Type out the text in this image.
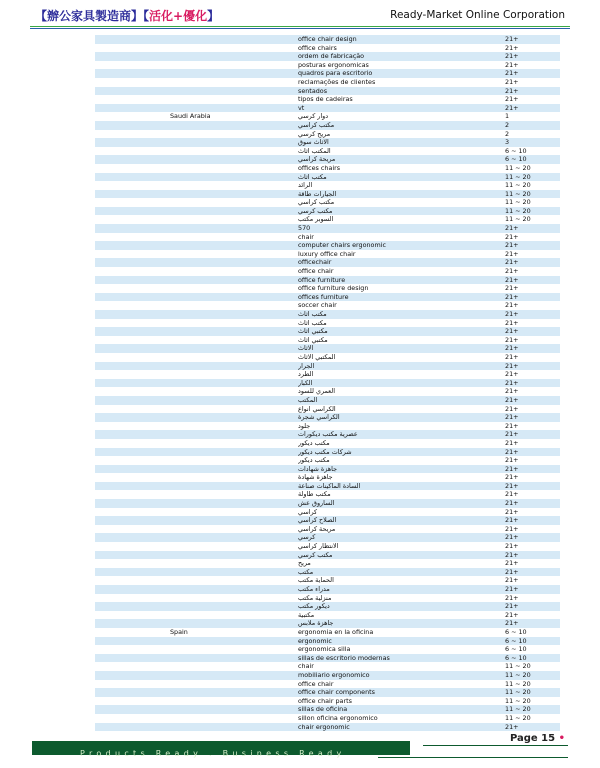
【辦公家具製造商】【活化+優化】	Ready-Market Online Corporation
office chair design	21+
office chairs	21+
ordem de fabricação	21+
posturas ergonomicas	21+
quadros para escritorio	21+
reclamações de clientes	21+
sentados	21+
tipos de cadeiras	21+
vt	21+
Saudi Arabia	دوار كرسي	1
مكتب كراسي	2
مريح كرسي	2
الاثاث سوق	3
المكتب اثاث	6 ~ 10
مريحة كراسي	6 ~ 10
offices chairs	11 ~ 20
مكتب اثاث	11 ~ 20
الرائد	11 ~ 20
الجيارات طاقة	11 ~ 20
مكتب كراسي	11 ~ 20
مكتب كرسي	11 ~ 20
السوبر مكتب	11 ~ 20
570	21+
chair	21+
computer chairs ergonomic	21+
luxury office chair	21+
officechair	21+
office chair	21+
office furniture	21+
office furniture design	21+
offices furniture	21+
soccer chair	21+
مكتب اثاث	21+
مكتب اثاث	21+
مكتبي اثاث	21+
مكتبي اثاث	21+
الاثاث	21+
المكتبي الاثاث	21+
الجرار	21+
الطرد	21+
الكبار	21+
العمري للسود	21+
المكتب	21+
الكراسي انواع	21+
الكراسي شجرة	21+
جلود	21+
عصرية مكتب ديكورات	21+
مكتب ديكور	21+
شركات مكتب ديكور	21+
مكتب ديكور	21+
جاهزة شهادات	21+
جاهزة شهادة	21+
السادة الماكينات صناعة	21+
مكتب طاولة	21+
الساروق عش	21+
كراسي	21+
الصلاح كراسي	21+
مريحة كراسي	21+
كرسي	21+
الانتظار كراسي	21+
مكتب كرسي	21+
مريح	21+
مكتب	21+
الحماية مكتب	21+
مدراء مكتب	21+
منزلية مكتب	21+
ديكور مكتب	21+
مكتبية	21+
جاهزة ملابس	21+
Spain	ergonomia en la oficina	6 ~ 10
ergonomic	6 ~ 10
ergonomica silla	6 ~ 10
sillas de escritorio modernas	6 ~ 10
chair	11 ~ 20
mobiliario ergonomico	11 ~ 20
office chair	11 ~ 20
office chair components	11 ~ 20
office chair parts	11 ~ 20
sillas de oficina	11 ~ 20
sillon oficina ergonomico	11 ~ 20
chair ergonomic	21+
Products Ready . Business Ready
Page 15 •
